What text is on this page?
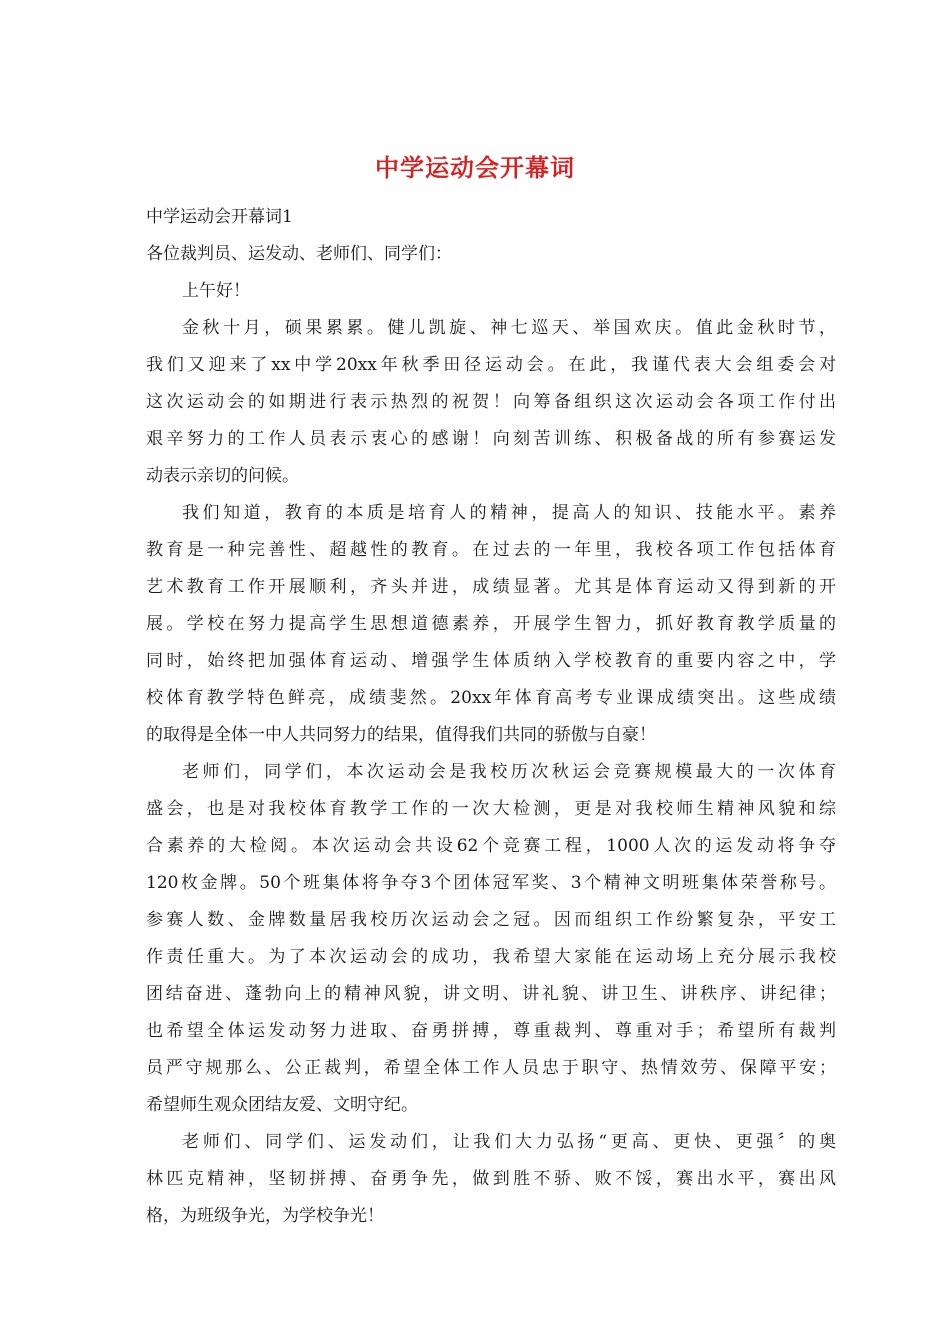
中学运动会开幕词
中学运动会开幕词1
各位裁判员、运发动、老师们、同学们：
上午好！
金秋十月，硕果累累。健儿凯旋、神七巡天、举国欢庆。值此金秋时节，
我们又迎来了xx中学20xx年秋季田径运动会。在此，我谨代表大会组委会对
这次运动会的如期进行表示热烈的祝贺！向筹备组织这次运动会各项工作付出
艰辛努力的工作人员表示衷心的感谢！向刻苦训练、积极备战的所有参赛运发
动表示亲切的问候。
我们知道，教育的本质是培育人的精神，提高人的知识、技能水平。素养
教育是一种完善性、超越性的教育。在过去的一年里，我校各项工作包括体育
艺术教育工作开展顺利，齐头并进，成绩显著。尤其是体育运动又得到新的开
展。学校在努力提高学生思想道德素养，开展学生智力，抓好教育教学质量的
同时，始终把加强体育运动、增强学生体质纳入学校教育的重要内容之中，学
校体育教学特色鲜亮，成绩斐然。20xx年体育高考专业课成绩突出。这些成绩
的取得是全体一中人共同努力的结果，值得我们共同的骄傲与自豪！
老师们，同学们，本次运动会是我校历次秋运会竞赛规模最大的一次体育
盛会，也是对我校体育教学工作的一次大检测，更是对我校师生精神风貌和综
合素养的大检阅。本次运动会共设62个竞赛工程，1000人次的运发动将争夺
120枚金牌。50个班集体将争夺3个团体冠军奖、3个精神文明班集体荣誉称号。
参赛人数、金牌数量居我校历次运动会之冠。因而组织工作纷繁复杂，平安工
作责任重大。为了本次运动会的成功，我希望大家能在运动场上充分展示我校
团结奋进、蓬勃向上的精神风貌，讲文明、讲礼貌、讲卫生、讲秩序、讲纪律；
也希望全体运发动努力进取、奋勇拼搏，尊重裁判、尊重对手；希望所有裁判
员严守规那么、公正裁判，希望全体工作人员忠于职守、热情效劳、保障平安；
希望师生观众团结友爱、文明守纪。
老师们、同学们、运发动们，让我们大力弘扬“更高、更快、更强〞的奥
林匹克精神，坚韧拼搏、奋勇争先，做到胜不骄、败不馁，赛出水平，赛出风
格，为班级争光，为学校争光！
